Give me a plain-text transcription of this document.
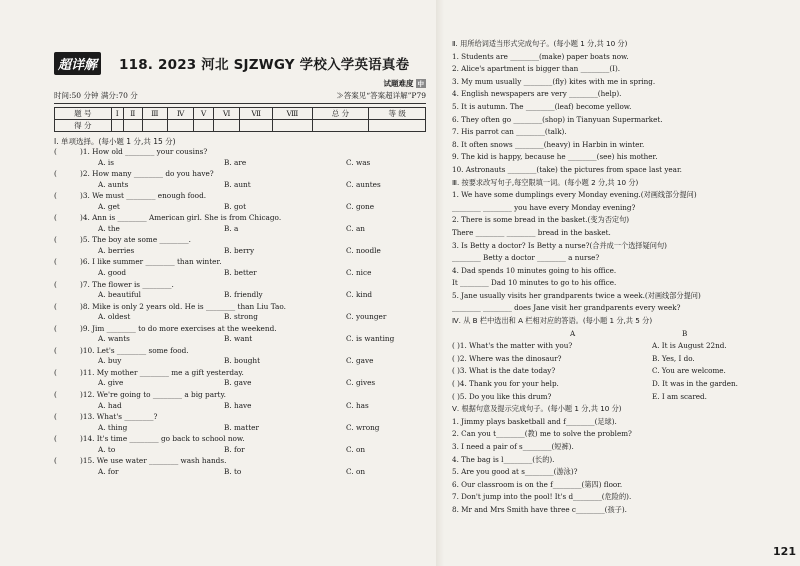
超详解 118. 2023 河北 SJZWGY 学校入学英语真卷
试题难度 中
时间:50 分钟 满分:70 分	≫答案见“答案超详解”P79
题 号	Ⅰ	Ⅱ	Ⅲ	Ⅳ	Ⅴ	Ⅵ	Ⅶ	Ⅷ	总 分	等 级
得 分										
Ⅰ. 单项选择。(每小题 1 分,共 15 分)
(	)1. How old ________ your cousins?
A. is	B. are	C. was
(	)2. How many ________ do you have?
A. aunts	B. aunt	C. auntes
(	)3. We must ________ enough food.
A. get	B. got	C. gone
(	)4. Ann is ________ American girl. She is from Chicago.
A. the	B. a	C. an
(	)5. The boy ate some ________.
A. berries	B. berry	C. noodle
(	)6. I like summer ________ than winter.
A. good	B. better	C. nice
(	)7. The flower is ________.
A. beautiful	B. friendly	C. kind
(	)8. Mike is only 2 years old. He is ________ than Liu Tao.
A. oldest	B. strong	C. younger
(	)9. Jim ________ to do more exercises at the weekend.
A. wants	B. want	C. is wanting
(	)10. Let's ________ some food.
A. buy	B. bought	C. gave
(	)11. My mother ________ me a gift yesterday.
A. give	B. gave	C. gives
(	)12. We're going to ________ a big party.
A. had	B. have	C. has
(	)13. What's ________?
A. thing	B. matter	C. wrong
(	)14. It's time ________ go back to school now.
A. to	B. for	C. on
(	)15. We use water ________ wash hands.
A. for	B. to	C. on
Ⅱ. 用所给词适当形式完成句子。(每小题 1 分,共 10 分)
1. Students are ________(make) paper boats now.
2. Alice's apartment is bigger than ________(I).
3. My mum usually ________(fly) kites with me in spring.
4. English newspapers are very ________(help).
5. It is autumn. The ________(leaf) become yellow.
6. They often go ________(shop) in Tianyuan Supermarket.
7. His parrot can ________(talk).
8. It often snows ________(heavy) in Harbin in winter.
9. The kid is happy, because he ________(see) his mother.
10. Astronauts ________(take) the pictures from space last year.
Ⅲ. 按要求改写句子,每空限填一词。(每小题 2 分,共 10 分)
1. We have some dumplings every Monday evening.(对画线部分提问)
________ ________ you have every Monday evening?
2. There is some bread in the basket.(变为否定句)
There ________ ________ bread in the basket.
3. Is Betty a doctor? Is Betty a nurse?(合并成一个选择疑问句)
________ Betty a doctor ________ a nurse?
4. Dad spends 10 minutes going to his office.
It ________ Dad 10 minutes to go to his office.
5. Jane usually visits her grandparents twice a week.(对画线部分提问)
________ ________ does Jane visit her grandparents every week?
Ⅳ. 从 B 栏中选出和 A 栏相对应的答语。(每小题 1 分,共 5 分)
A	B
( )1. What's the matter with you?	A. It is August 22nd.
( )2. Where was the dinosaur?	B. Yes, I do.
( )3. What is the date today?	C. You are welcome.
( )4. Thank you for your help.	D. It was in the garden.
( )5. Do you like this drum?	E. I am scared.
Ⅴ. 根据句意及提示完成句子。(每小题 1 分,共 10 分)
1. Jimmy plays basketball and f________(足球).
2. Can you t________(教) me to solve the problem?
3. I need a pair of s________(短裤).
4. The bag is l________(长的).
5. Are you good at s________(游泳)?
6. Our classroom is on the f________(第四) floor.
7. Don't jump into the pool! It's d________(危险的).
8. Mr and Mrs Smith have three c________(孩子).
121
